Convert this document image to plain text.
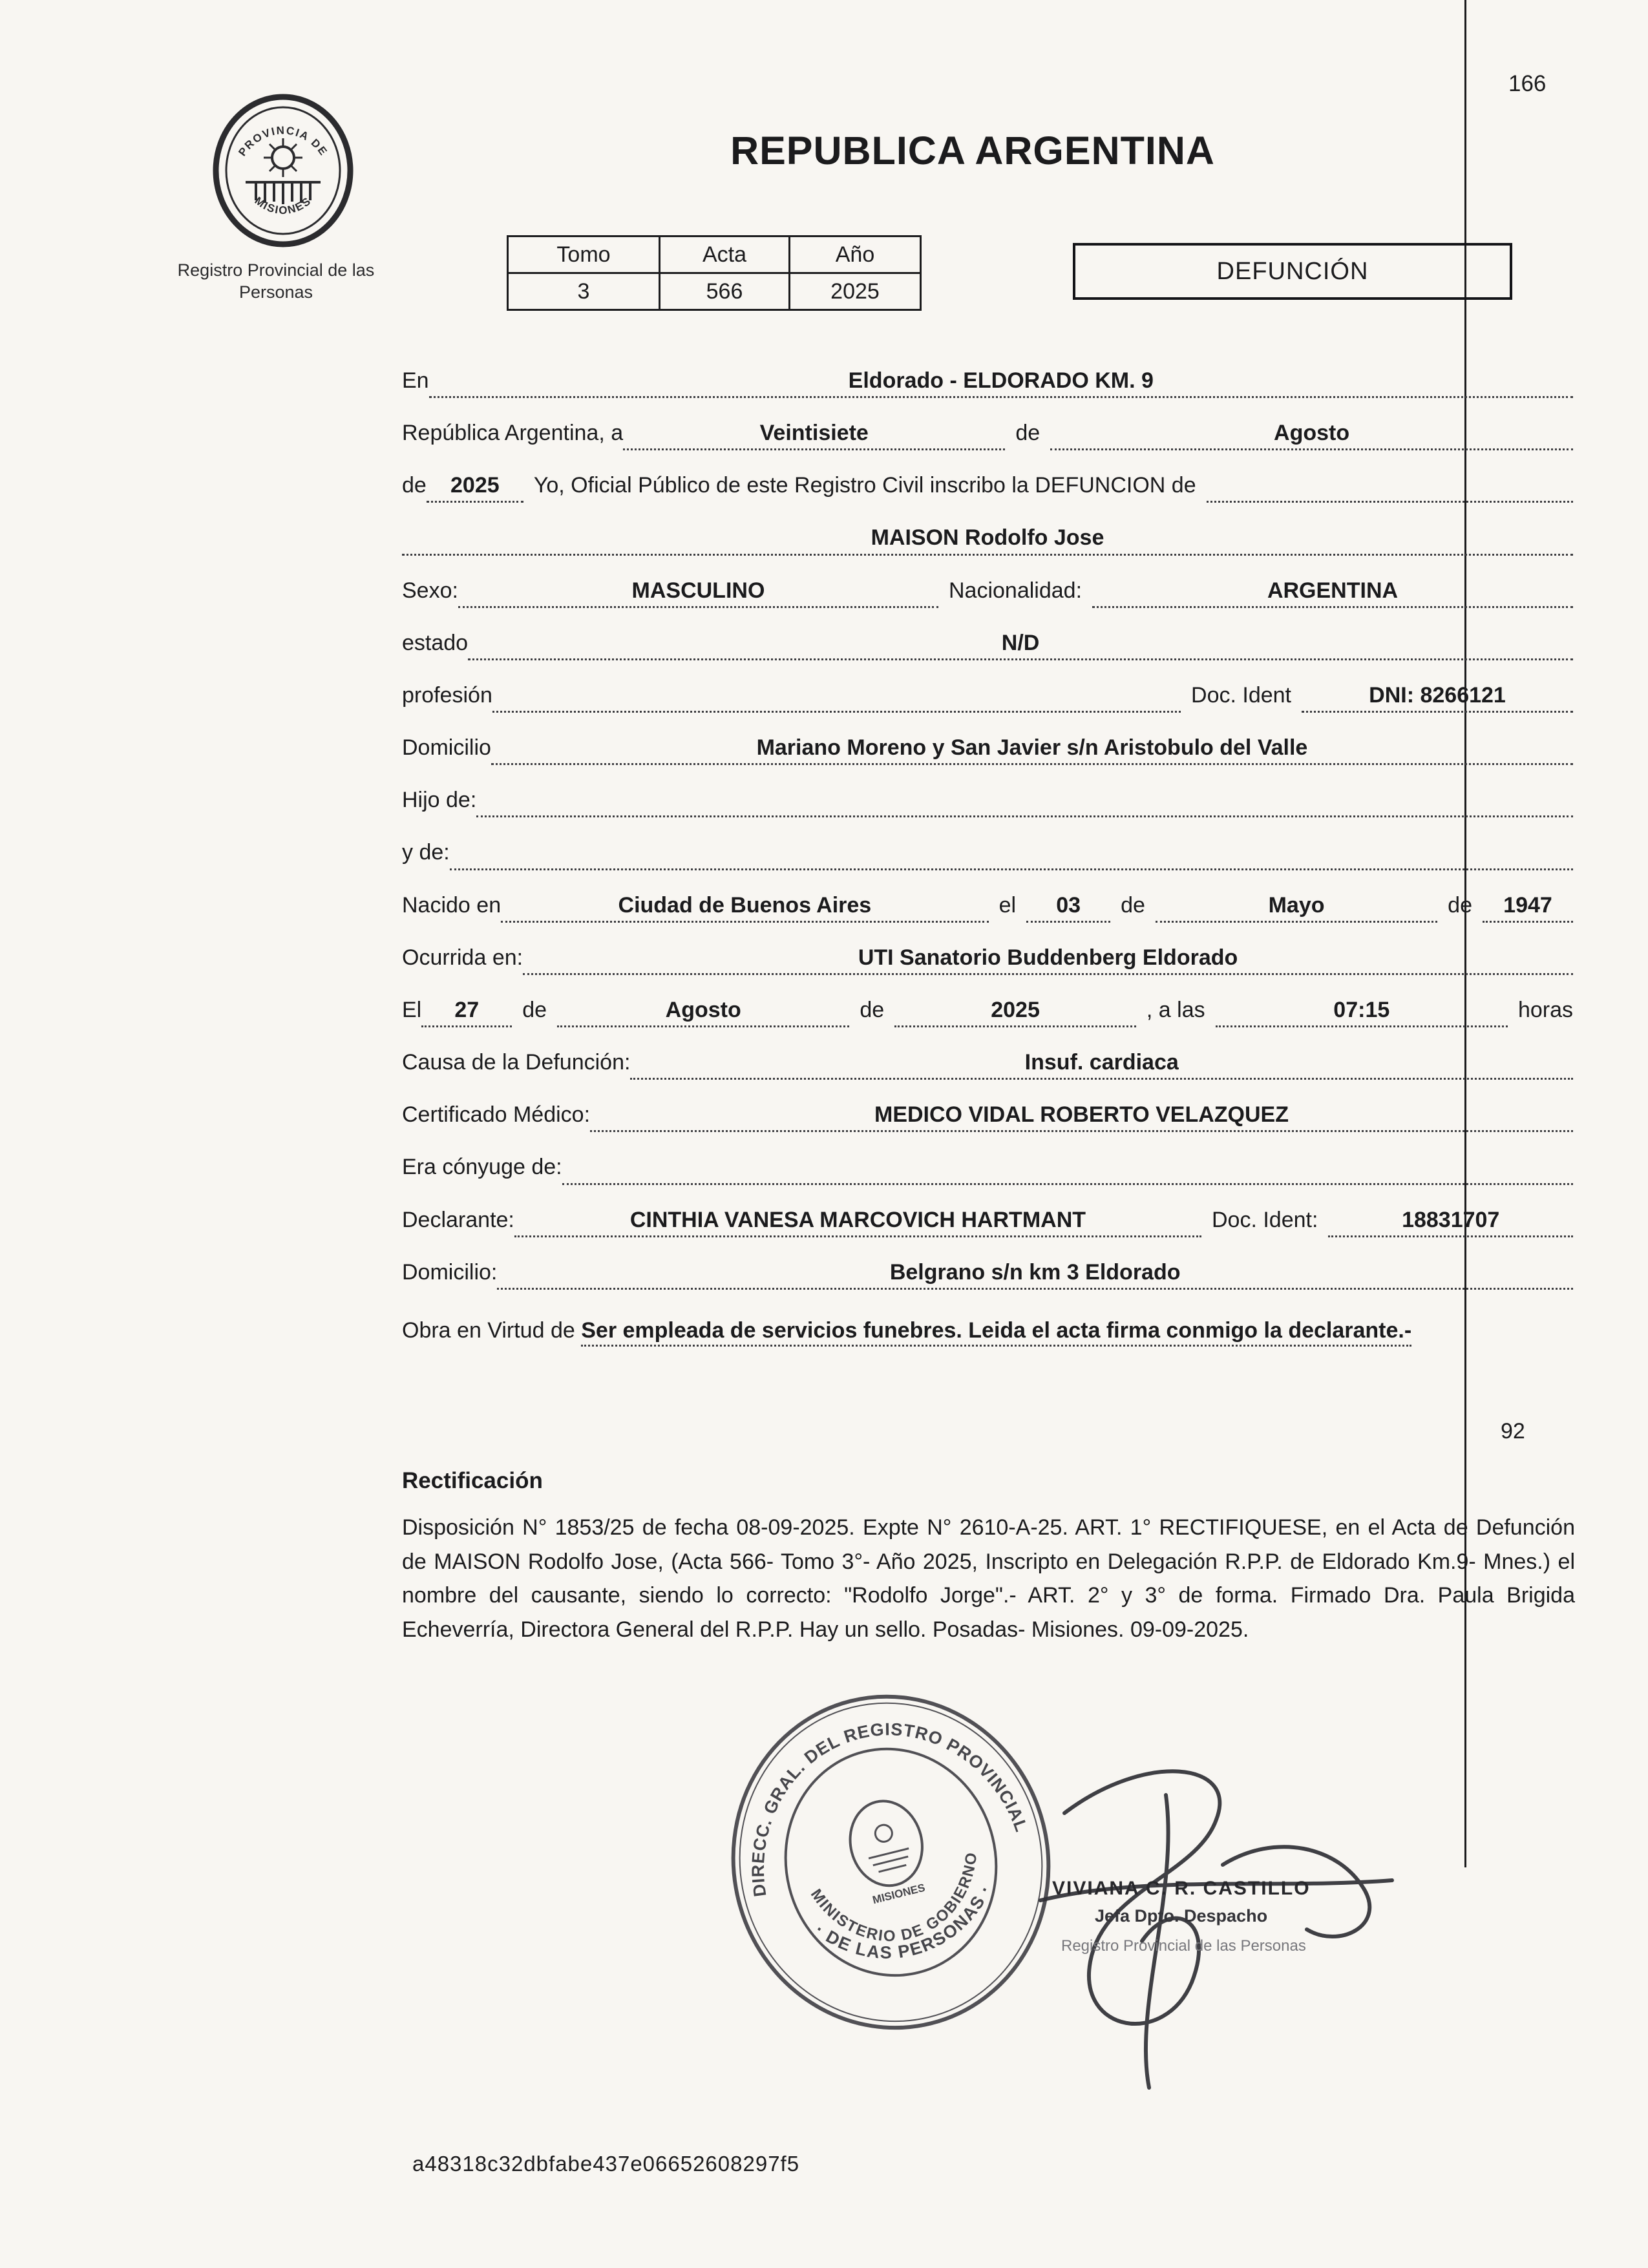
166
PROVINCIA DE
MISIONES
Registro Provincial de las Personas
REPUBLICA ARGENTINA
Tomo	Acta	Año
3	566	2025
DEFUNCIÓN
En	​ Eldorado - ELDORADO KM. 9
República Argentina, a	​ Veintisiete	de	​ Agosto
de	​ 2025	Yo, Oficial Público de este Registro Civil inscribo la DEFUNCION de
​
​ MAISON Rodolfo Jose
Sexo:	​ MASCULINO	Nacionalidad:	​ ARGENTINA
estado	​ N/D
profesión ​	Doc. Ident	​ DNI: 8266121
Domicilio	​ Mariano Moreno y San Javier s/n Aristobulo del Valle
Hijo de:
​
y de:
​
Nacido en	​ Ciudad de Buenos Aires	el	​ 03	de	​ Mayo	de	​ 1947
Ocurrida en:	​ UTI Sanatorio Buddenberg Eldorado
El	​ 27	de	​ Agosto	de	​ 2025	, a las	​ 07:15	horas
Causa de la Defunción:	​ Insuf. cardiaca
Certificado Médico:	​ MEDICO VIDAL ROBERTO VELAZQUEZ
Era cónyuge de:
​
Declarante:	​ CINTHIA VANESA MARCOVICH HARTMANT	Doc. Ident:	​ 18831707
Domicilio:	​ Belgrano s/n km 3 Eldorado
Obra en Virtud de Ser empleada de servicios funebres. Leida el acta firma conmigo la declarante.-
92
Rectificación
Disposición N° 1853/25 de fecha 08-09-2025. Expte N° 2610-A-25. ART. 1° RECTIFIQUESE, en el Acta de Defunción de MAISON Rodolfo Jose, (Acta 566- Tomo 3°- Año 2025, Inscripto en Delegación R.P.P. de Eldorado Km.9- Mnes.) el nombre del causante, siendo lo correcto: "Rodolfo Jorge".- ART. 2° y 3° de forma. Firmado Dra. Paula Brigida Echeverría, Directora General del R.P.P. Hay un sello. Posadas- Misiones. 09-09-2025.
DIRECC. GRAL. DEL REGISTRO PROVINCIAL
· DE LAS PERSONAS ·
MINISTERIO DE GOBIERNO
MISIONES	VIVIANA C. R. CASTILLO
Jefa Dpto. Despacho
Registro Provincial de las Personas
a48318c32dbfabe437e06652608297f5
